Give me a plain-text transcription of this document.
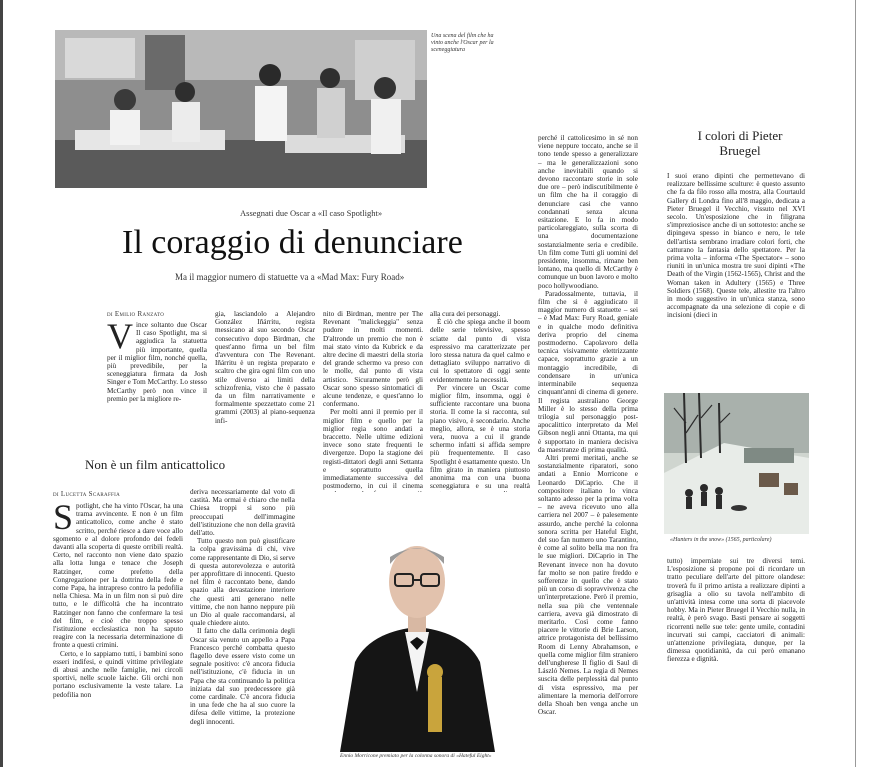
Una scena del film che ha vinto anche l'Oscar per la sceneggiatura
Assegnati due Oscar a «Il caso Spotlight»
Il coraggio di denunciare
Ma il maggior numero di statuette va a «Mad Max: Fury Road»
di Emilio Ranzato
V ince soltanto due Oscar Il caso Spotlight, ma si aggiudica la statuetta più importante, quella per il miglior film, nonché quella, più prevedibile, per la sceneggiatura firmata da Josh Singer e Tom McCarthy. Lo stesso McCarthy però non vince il premio per la migliore re-

gia, lasciandolo a Alejandro González Iñárritu, regista messicano al suo secondo Oscar consecutivo dopo Birdman, che quest'anno firma un bel film d'avventura con The Revenant. Iñárritu è un regista preparato e scaltro che gira ogni film con uno stile diverso ai limiti della schizofrenia, visto che è passato da un film narrativamente e formalmente spezzettato come 21 grammi (2003) al piano-sequenza infi-

nito di Birdman, mentre per The Revenant "malickeggia" senza pudore in molti momenti. D'altronde un premio che non è mai stato vinto da Kubrick e da altre decine di maestri della storia del grande schermo va preso con le molle, dal punto di vista artistico. Sicuramente però gli Oscar sono spesso sintomatici di alcune tendenze, e quest'anno lo confermano.

Per molti anni il premio per il miglior film e quello per la miglior regia sono andati a braccetto. Nelle ultime edizioni invece sono state frequenti le divergenze. Dopo la stagione dei registi-dittatori degli anni Settanta e soprattutto quella immediatamente successiva del postmoderno, in cui il cinema

alla cura dei personaggi.

È ciò che spiega anche il boom delle serie televisive, spesso sciatte dal punto di vista espressivo ma caratterizzate per loro stessa natura da quel calmo e dettagliato sviluppo narrativo di cui lo spettatore di oggi sente evidentemente la necessità.

Per vincere un Oscar come miglior film, insomma, oggi è sufficiente raccontare una buona storia. Il come la si racconta, sul piano visivo, è secondario. Anche meglio, allora, se è una storia vera, nuova a cui il grande schermo infatti si affida sempre più frequentemente. Il caso Spotlight è esattamente questo. Un film girato in maniera piuttosto anonima ma con una buona sceneggiatura e su una realtà

perché il cattolicesimo in sé non viene neppure toccato, anche se il tono tende spesso a generalizzare – ma le generalizzazioni sono anche inevitabili quando si devono raccontare storie in sole due ore – però indiscutibilmente è un film che ha il coraggio di denunciare casi che vanno condannati senza alcuna esitazione. E lo fa in modo particolareggiato, sulla scorta di una documentazione sostanzialmente seria e credibile. Un film come Tutti gli uomini del presidente, insomma, rimane ben lontano, ma quello di McCarthy è comunque un buon lavoro e molto poco hollywoodiano.

Paradossalmente, tuttavia, il film che si è aggiudicato il maggior numero di statuette – sei – è Mad Max: Fury Road, geniale e in qualche modo definitiva deriva proprio del cinema postmoderno. Capolavoro della tecnica visivamente elettrizzante capace, soprattutto grazie a un montaggio incredibile, di condensare in un'unica interminabile sequenza cinquant'anni di cinema di genere. Il regista australiano George Miller è lo stesso della prima trilogia sul personaggio post-apocalittico interpretato da Mel Gibson negli anni Ottanta, ma qui è supportato in maniera decisiva da maestranze di prima qualità.

Altri premi meritati, anche se sostanzialmente riparatori, sono andati a Ennio Morricone e Leonardo DiCaprio. Che il compositore italiano lo vinca soltanto adesso per la prima volta – ne aveva ricevuto uno alla carriera nel 2007 – è palesemente assurdo, anche perché la colonna sonora scritta per Hateful Eight, del suo fan numero uno Tarantino, è come al solito bella ma non fra le sue migliori. DiCaprio in The Revenant invece non ha dovuto far molto se non patire freddo e sofferenze in quello che è stato più un corso di sopravvivenza che un'interpretazione. Però il premio, nella sua più che ventennale carriera, aveva già dimostrato di meritarlo. Così come fanno piacere le vittorie di Brie Larson, attrice protagonista del bellissimo Room di Lenny Abrahamson, e quella come miglior film straniero dell'ungherese Il figlio di Saul di László Nemes. La regia di Nemes suscita delle perplessità dal punto di vista espressivo, ma per alimentare la memoria dell'orrore della Shoah ben venga anche un Oscar.

Non è un film anticattolico
di Lucetta Scaraffia
S potlight, che ha vinto l'Oscar, ha una trama avvincente. E non è un film anticattolico, come anche è stato scritto, perché riesce a dare voce allo sgomento e al dolore profondo dei fedeli davanti alla scoperta di queste orribili realtà. Certo, nel racconto non viene dato spazio alla lotta lunga e tenace che Joseph Ratzinger, come prefetto della Congregazione per la dottrina della fede e come Papa, ha intrapreso contro la pedofilia nella Chiesa. Ma in un film non si può dire tutto, e le difficoltà che ha incontrato Ratzinger non fanno che confermare la tesi del film, e cioè che troppo spesso l'istituzione ecclesiastica non ha saputo reagire con la necessaria determinazione di fronte a questi crimini.

Certo, e lo sappiamo tutti, i bambini sono esseri indifesi, e quindi vittime privilegiate di abusi anche nelle famiglie, nei circoli sportivi, nelle scuole laiche. Gli orchi non portano esclusivamente la veste talare. La pedofilia non

deriva necessariamente dal voto di castità. Ma ormai è chiaro che nella Chiesa troppi si sono più preoccupati dell'immagine dell'istituzione che non della gravità dell'atto.

Tutto questo non può giustificare la colpa gravissima di chi, vive come rappresentante di Dio, si serve di questa autorevolezza e autorità per approfittare di innocenti. Questo nel film è raccontato bene, dando spazio alla devastazione interiore che questi atti generano nelle vittime, che non hanno neppure più un Dio al quale raccomandarsi, al quale chiedere aiuto.

Il fatto che dalla cerimonia degli Oscar sia venuto un appello a Papa Francesco perché combatta questo flagello deve essere visto come un segnale positivo: c'è ancora fiducia nell'istituzione, c'è fiducia in un Papa che sta continuando la politica iniziata dal suo predecessore già come cardinale. C'è ancora fiducia in una fede che ha al suo cuore la difesa delle vittime, la protezione degli innocenti.

Ennio Morricone premiato per la colonna sonora di «Hateful Eight»
I colori di Pieter Bruegel

I suoi erano dipinti che permettevano di realizzare bellissime sculture: è questo assunto che fa da filo rosso alla mostra, alla Courtauld Gallery di Londra fino all'8 maggio, dedicata a Pieter Bruegel il Vecchio, vissuto nel XVI secolo. Un'esposizione che in filigrana s'impreziosisce anche di un sottotesto: anche se dipingeva spesso in bianco e nero, le tele dell'artista sembrano irradiare colori forti, che catturano la fantasia dello spettatore. Per la prima volta – informa «The Spectator» – sono riuniti in un'unica mostra tre suoi dipinti «The Death of the Virgin (1562-1565), Christ and the Woman taken in Adultery (1565) e Three Soldiers (1568). Queste tele, allestite tra l'altro in modo suggestivo in un'unica stanza, sono accompagnate da una selezione di copie e di incisioni (dieci in

«Hunters in the snow» (1565, particolare)

tutto) imperniate sui tre diversi temi. L'esposizione si propone poi di ricordare un tratto peculiare dell'arte del pittore olandese: troverà fu il primo artista a realizzare dipinti a grisaglia a olio su tavola nell'ambito di un'attività intesa come una sorta di piacevole hobby. Ma in Pieter Bruegel il Vecchio nulla, in realtà, è però svago. Basti pensare ai soggetti ricorrenti nelle sue tele: gente umile, contadini incurvati sui campi, cacciatori di animali: un'attenzione privilegiata, dunque, per la dimessa quotidianità, da cui però emanano fierezza e dignità.
